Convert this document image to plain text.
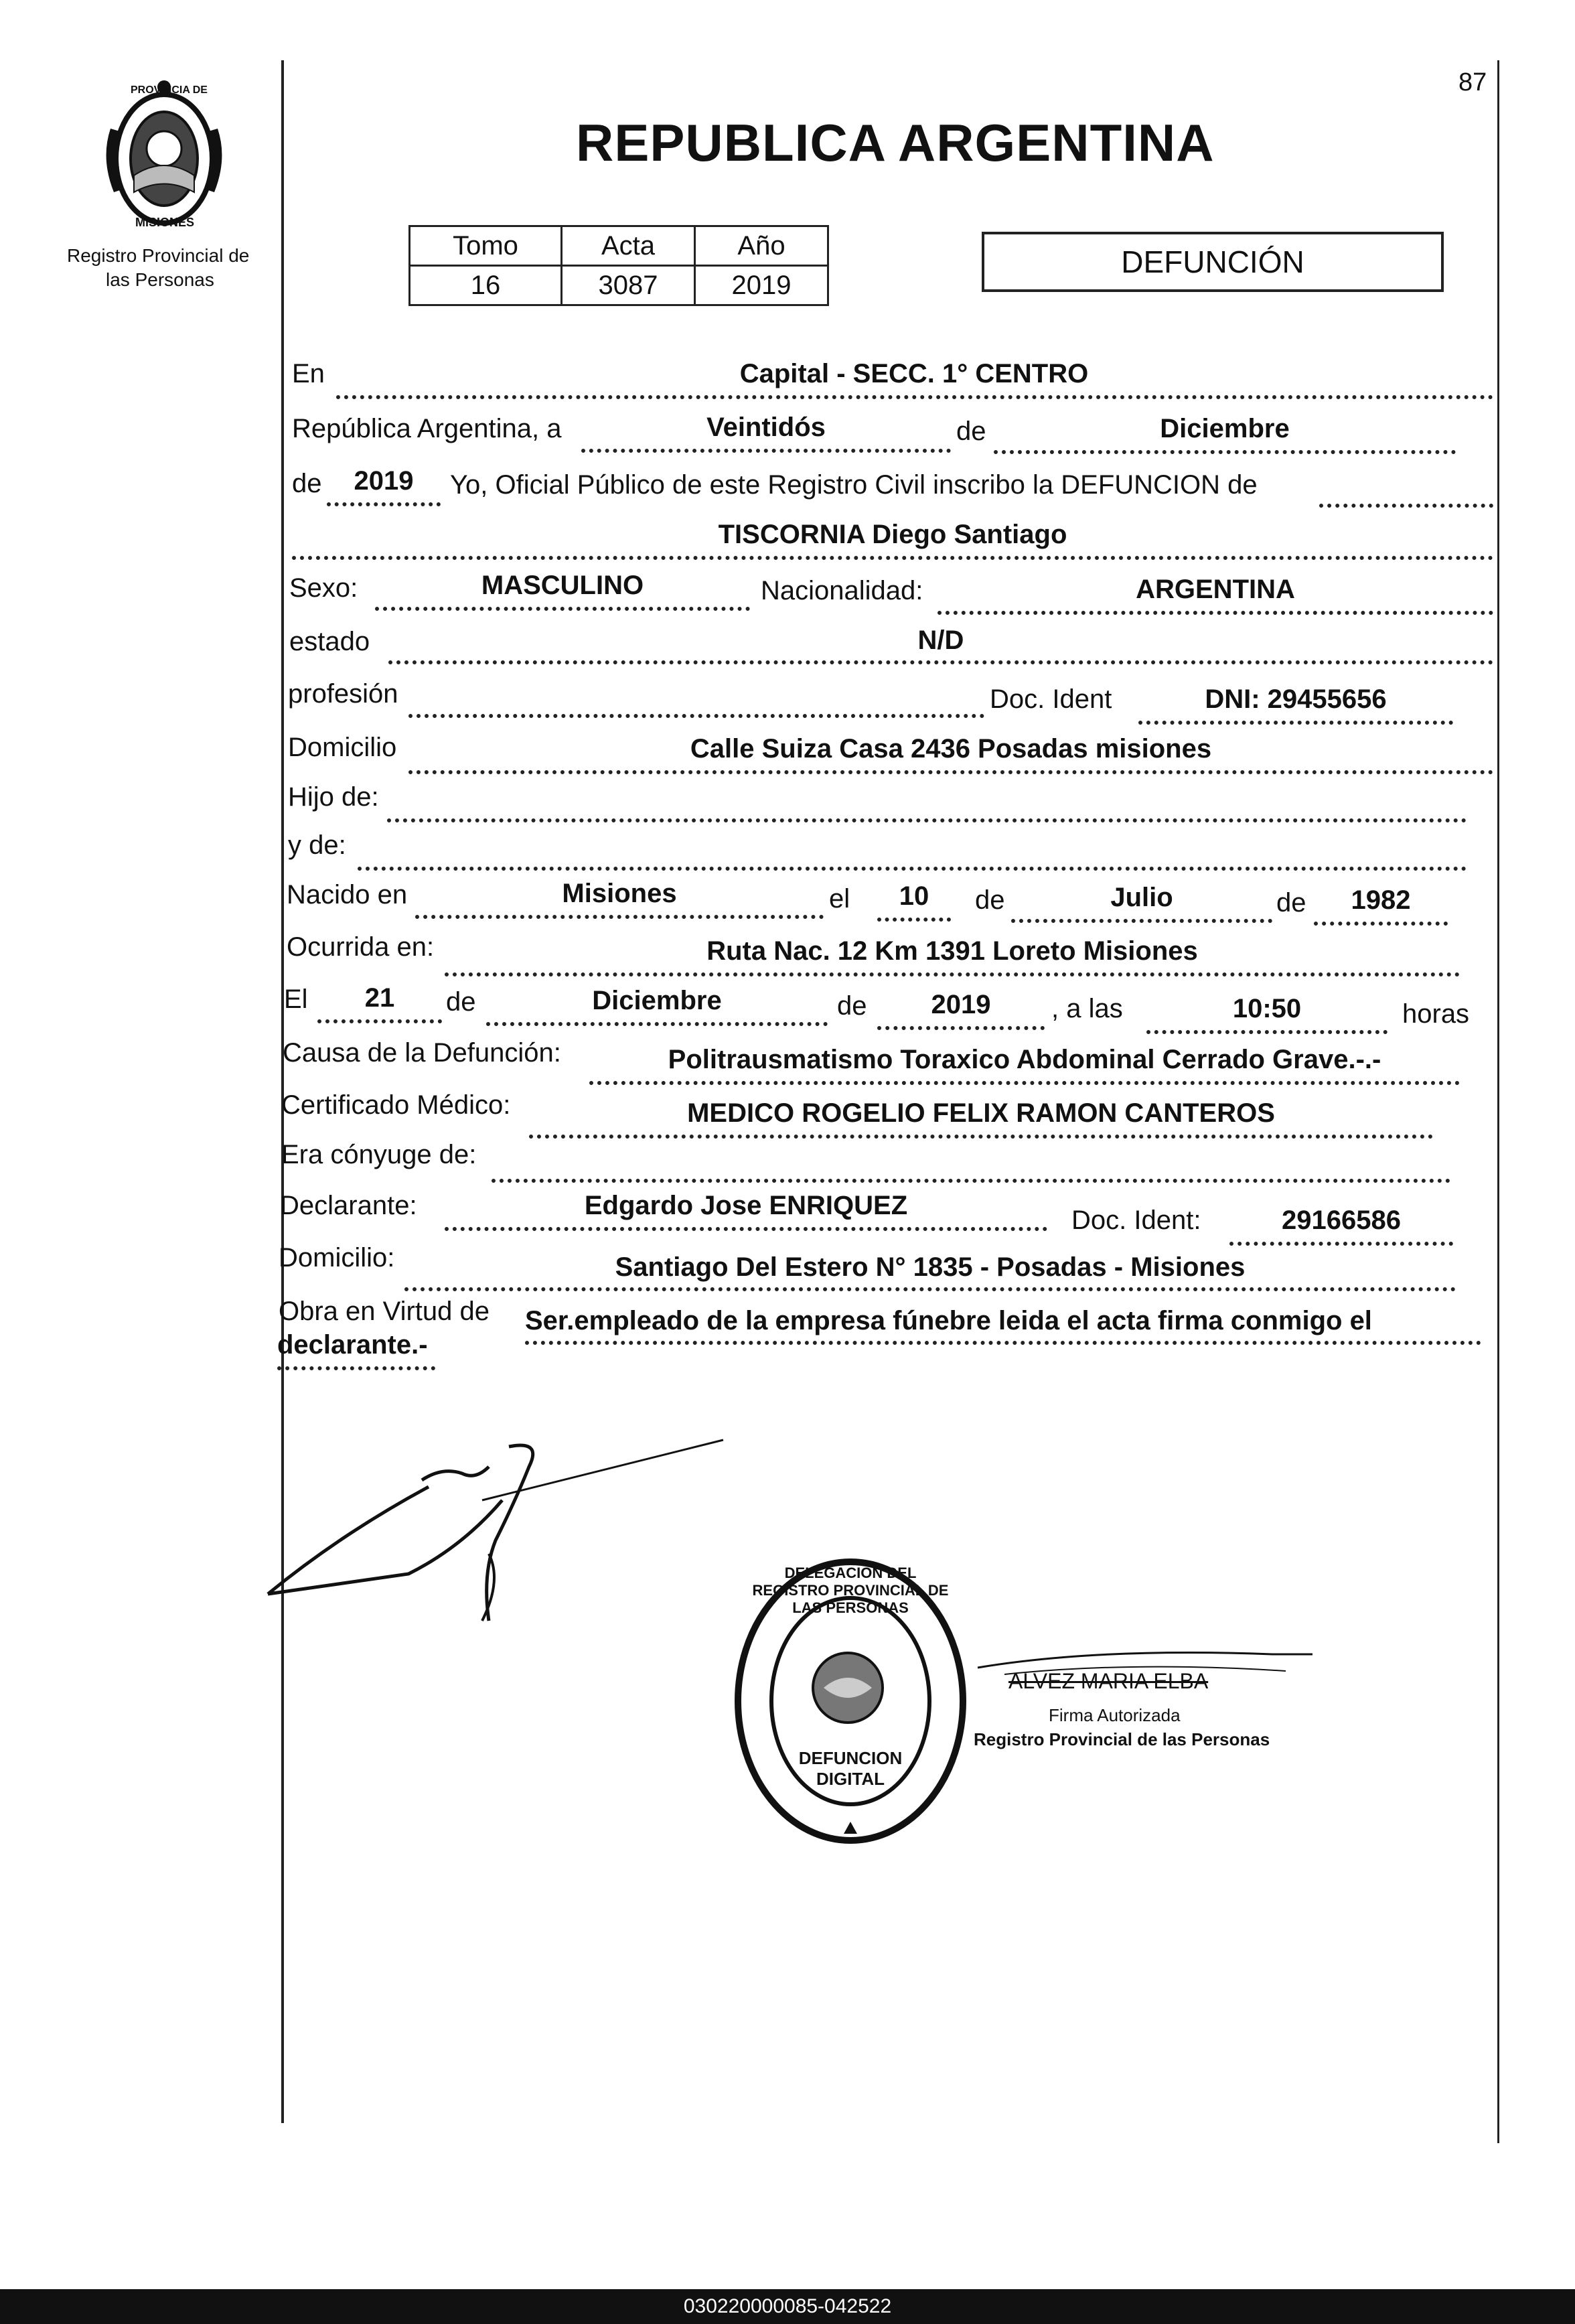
87
PROVINCIA DE
MISIONES
Registro Provincial de
las Personas
REPUBLICA ARGENTINA
Tomo	Acta	Año
16	3087	2019
DEFUNCIÓN
En	Capital - SECC. 1° CENTRO
República Argentina, a	Veintidós	de	Diciembre
de	2019	Yo, Oficial Público de este Registro Civil inscribo la DEFUNCION de
TISCORNIA Diego Santiago
Sexo:	MASCULINO	Nacionalidad:	ARGENTINA
estado	N/D
profesión	Doc. Ident	DNI: 29455656
Domicilio	Calle Suiza Casa 2436 Posadas misiones
Hijo de:
y de:
Nacido en	Misiones	el	10	de	Julio	de	1982
Ocurrida en:	Ruta Nac. 12 Km 1391 Loreto Misiones
El	21	de	Diciembre	de	2019	, a las	10:50	horas
Causa de la Defunción:	Politrausmatismo Toraxico Abdominal Cerrado Grave.-.-
Certificado Médico:	MEDICO ROGELIO FELIX RAMON CANTEROS
Era cónyuge de:
Declarante:	Edgardo Jose ENRIQUEZ	Doc. Ident:	29166586
Domicilio:	Santiago Del Estero N° 1835 - Posadas - Misiones
Obra en Virtud de Ser.empleado de la empresa fúnebre leida el acta firma conmigo el
declarante.-
DELEGACION DEL REGISTRO PROVINCIAL DE LAS PERSONAS
DEFUNCION DIGITAL
ALVEZ MARIA ELBA
Firma Autorizada
Registro Provincial de las Personas
030220000085-042522
